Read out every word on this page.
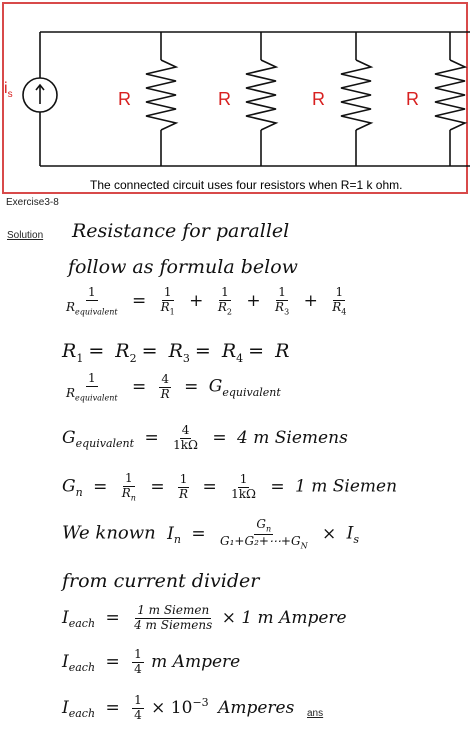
$i_s$	R	R	R	R
The connected circuit uses four resistors when R=1 k ohm.
Exercise3-8
Solution Resistance for parallel
follow as formula below
$\frac{1}{R_{equivalent}} = \frac{1}{R_1} + \frac{1}{R_2} + \frac{1}{R_3} + \frac{1}{R_4}$
$R_1 = R_2 = R_3 = R_4 = R$
$\frac{1}{R_{equivalent}} = \frac{4}{R} = G_{equivalent}$
$G_{equivalent} = \frac{4}{1k\Omega} = 4$ m Siemens
$G_n = \frac{1}{R_n} = \frac{1}{R} = \frac{1}{1k\Omega} = 1$ m Siemen
We known $I_n = \frac{G_n}{G_1+G_2+\cdots+G_N} \times I_s$
from current divider
$I_{each} = \frac{\text{1 m Siemen}}{\text{4 m Siemens}} \times 1$ m Ampere
$I_{each} = \frac{1}{4}$ m Ampere
$I_{each} = \frac{1}{4} \times 10^{-3}$ Amperes ans
